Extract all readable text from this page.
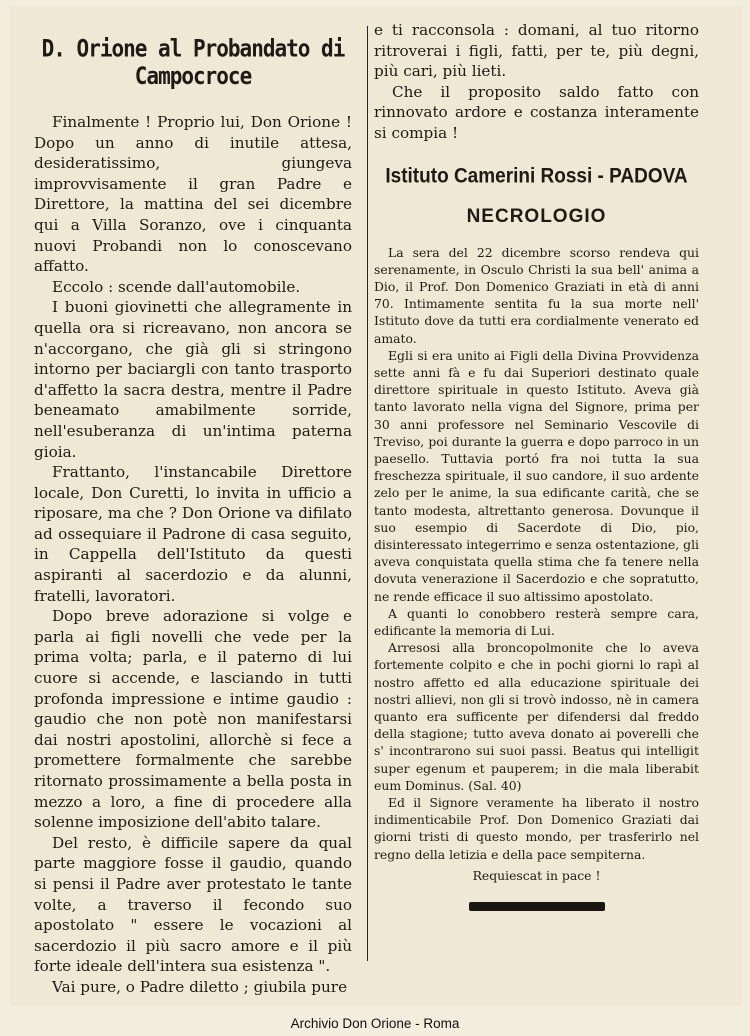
D. Orione al Probandato di Campocroce

Finalmente ! Proprio lui, Don Orione ! Dopo un anno di inutile attesa, desideratissimo, giungeva improvvisamente il gran Padre e Direttore, la mattina del sei dicembre qui a Villa Soranzo, ove i cinquanta nuovi Probandi non lo conoscevano affatto.

Eccolo : scende dall'automobile.

I buoni giovinetti che allegramente in quella ora si ricreavano, non ancora se n'accorgano, che già gli si stringono intorno per baciargli con tanto trasporto d'affetto la sacra destra, mentre il Padre beneamato amabilmente sorride, nell'esuberanza di un'intima paterna gioia.

Frattanto, l'instancabile Direttore locale, Don Curetti, lo invita in ufficio a riposare, ma che ? Don Orione va difilato ad ossequiare il Padrone di casa seguito, in Cappella dell'Istituto da questi aspiranti al sacerdozio e da alunni, fratelli, lavoratori.

Dopo breve adorazione si volge e parla ai figli novelli che vede per la prima volta; parla, e il paterno di lui cuore si accende, e lasciando in tutti profonda impressione e intime gaudio : gaudio che non potè non manifestarsi dai nostri apostolini, allorchè si fece a promettere formalmente che sarebbe ritornato prossimamente a bella posta in mezzo a loro, a fine di procedere alla solenne imposizione dell'abito talare.

Del resto, è difficile sapere da qual parte maggiore fosse il gaudio, quando si pensi il Padre aver protestato le tante volte, a traverso il fecondo suo apostolato " essere le vocazioni al sacerdozio il più sacro amore e il più forte ideale dell'intera sua esistenza ".

Vai pure, o Padre diletto ; giubila pure

e ti racconsola : domani, al tuo ritorno ritroverai i figli, fatti, per te, più degni, più cari, più lieti.

Che il proposito saldo fatto con rinnovato ardore e costanza interamente si compia !

Istituto Camerini Rossi - PADOVA
NECROLOGIO

La sera del 22 dicembre scorso rendeva qui serenamente, in Osculo Christi la sua bell' anima a Dio, il Prof. Don Domenico Graziati in età di anni 70. Intimamente sentita fu la sua morte nell' Istituto dove da tutti era cordialmente venerato ed amato.

Egli si era unito ai Figli della Divina Provvidenza sette anni fà e fu dai Superiori destinato quale direttore spirituale in questo Istituto. Aveva già tanto lavorato nella vigna del Signore, prima per 30 anni professore nel Seminario Vescovile di Treviso, poi durante la guerra e dopo parroco in un paesello. Tuttavia portó fra noi tutta la sua freschezza spirituale, il suo candore, il suo ardente zelo per le anime, la sua edificante carità, che se tanto modesta, altrettanto generosa. Dovunque il suo esempio di Sacerdote di Dio, pio, disinteressato integerrimo e senza ostentazione, gli aveva conquistata quella stima che fa tenere nella dovuta venerazione il Sacerdozio e che sopratutto, ne rende efficace il suo altissimo apostolato.

A quanti lo conobbero resterà sempre cara, edificante la memoria di Lui.

Arresosi alla broncopolmonite che lo aveva fortemente colpito e che in pochi giorni lo rapì al nostro affetto ed alla educazione spirituale dei nostri allievi, non gli si trovò indosso, nè in camera quanto era sufficente per difendersi dal freddo della stagione; tutto aveva donato ai poverelli che s' incontrarono sui suoi passi. Beatus qui intelligit super egenum et pauperem; in die mala liberabit eum Dominus. (Sal. 40)

Ed il Signore veramente ha liberato il nostro indimenticabile Prof. Don Domenico Graziati dai giorni tristi di questo mondo, per trasferirlo nel regno della letizia e della pace sempiterna.

Requiescat in pace !

Archivio Don Orione - Roma
